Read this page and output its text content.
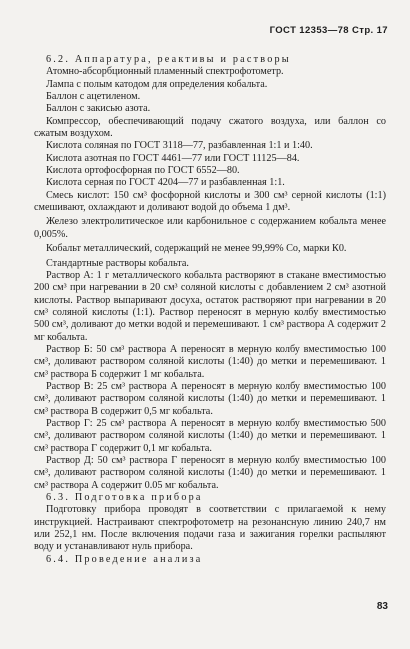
ГОСТ 12353—78 Стр. 17

6.2. Аппаратура, реактивы и растворы

Атомно-абсорбционный пламенный спектрофотометр.

Лампа с полым катодом для определения кобальта.

Баллон с ацетиленом.

Баллон с закисью азота.

Компрессор, обеспечивающий подачу сжатого воздуха, или баллон со сжатым воздухом.

Кислота соляная по ГОСТ 3118—77, разбавленная 1:1 и 1:40.

Кислота азотная по ГОСТ 4461—77 или ГОСТ 11125—84.

Кислота ортофосфорная по ГОСТ 6552—80.

Кислота серная по ГОСТ 4204—77 и разбавленная 1:1.

Смесь кислот: 150 см³ фосфорной кислоты и 300 см³ серной кислоты (1:1) смешивают, охлаждают и доливают водой до объема 1 дм³.

Железо электролитическое или карбонильное с содержанием кобальта менее 0,005%.

Кобальт металлический, содержащий не менее 99,99% Со, марки К0.

Стандартные растворы кобальта.

Раствор А: 1 г металлического кобальта растворяют в стакане вместимостью 200 см³ при нагревании в 20 см³ соляной кислоты с добавлением 2 см³ азотной кислоты. Раствор выпаривают досуха, остаток растворяют при нагревании в 20 см³ соляной кислоты (1:1). Раствор переносят в мерную колбу вместимостью 500 см³, доливают до метки водой и перемешивают. 1 см³ раствора А содержит 2 мг кобальта.

Раствор Б: 50 см³ раствора А переносят в мерную колбу вместимостью 100 см³, доливают раствором соляной кислоты (1:40) до метки и перемешивают. 1 см³ раствора Б содержит 1 мг кобальта.

Раствор В: 25 см³ раствора А переносят в мерную колбу вместимостью 100 см³, доливают раствором соляной кислоты (1:40) до метки и перемешивают. 1 см³ раствора В содержит 0,5 мг кобальта.

Раствор Г: 25 см³ раствора А переносят в мерную колбу вместимостью 500 см³, доливают раствором соляной кислоты (1:40) до метки и перемешивают. 1 см³ раствора Г содержит 0,1 мг кобальта.

Раствор Д: 50 см³ раствора Г переносят в мерную колбу вместимостью 100 см³, доливают раствором соляной кислоты (1:40) до метки и перемешивают. 1 см³ раствора А содержит 0.05 мг кобальта.

6.3. Подготовка прибора

Подготовку прибора проводят в соответствии с прилагаемой к нему инструкцией. Настраивают спектрофотометр на резонансную линию 240,7 нм или 252,1 нм. После включения подачи газа и зажигания горелки распыляют воду и устанавливают нуль прибора.

6.4. Проведение анализа

83
